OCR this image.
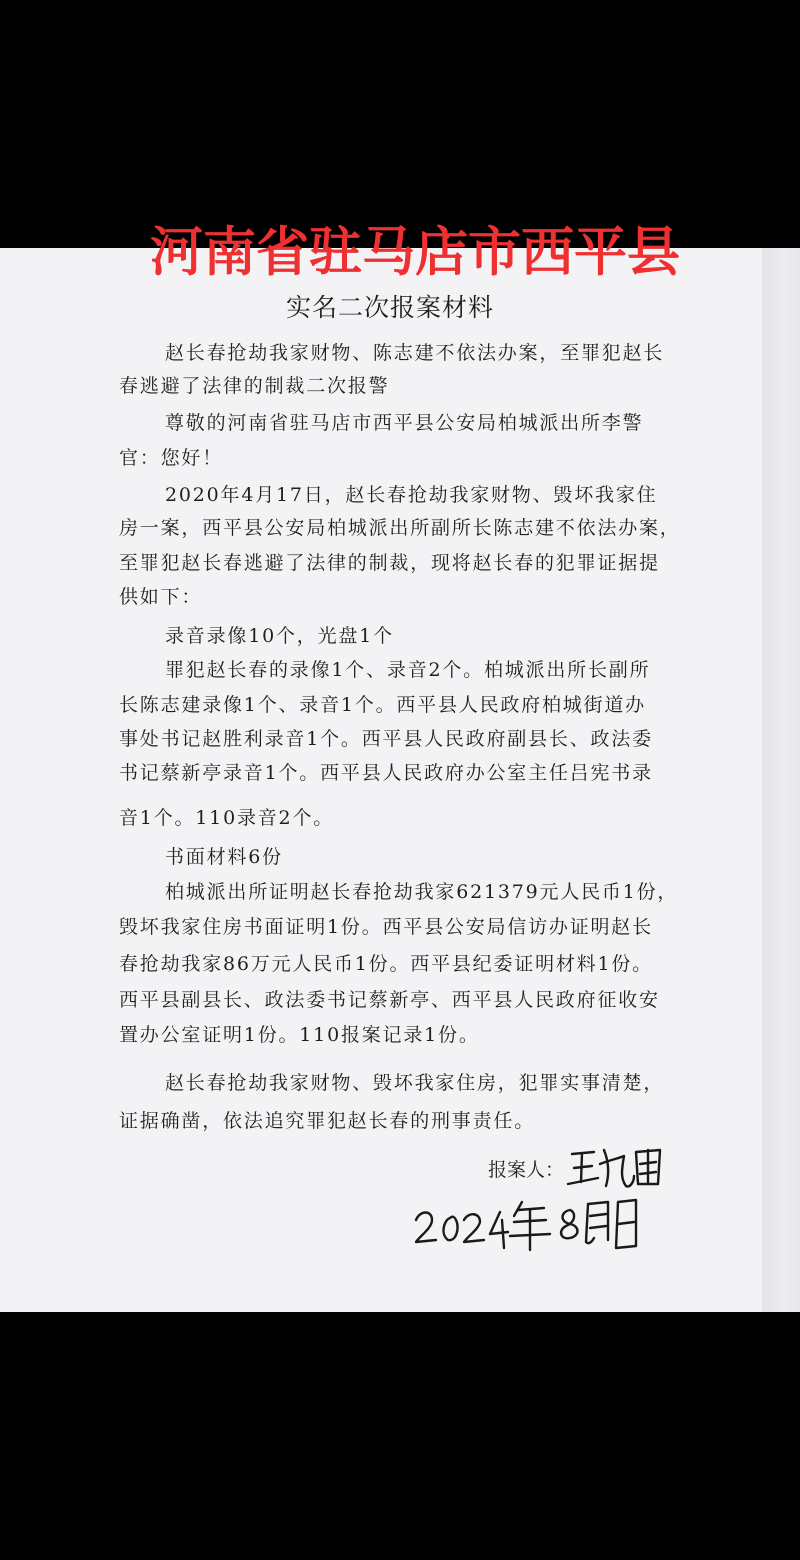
实名二次报案材料
赵长春抢劫我家财物、陈志建不依法办案，至罪犯赵长
春逃避了法律的制裁二次报警
尊敬的河南省驻马店市西平县公安局柏城派出所李警
官：您好！
2020年4月17日，赵长春抢劫我家财物、毁坏我家住
房一案，西平县公安局柏城派出所副所长陈志建不依法办案，
至罪犯赵长春逃避了法律的制裁，现将赵长春的犯罪证据提
供如下：
录音录像10个，光盘1个
罪犯赵长春的录像1个、录音2个。柏城派出所长副所
长陈志建录像1个、录音1个。西平县人民政府柏城街道办
事处书记赵胜利录音1个。西平县人民政府副县长、政法委
书记蔡新亭录音1个。西平县人民政府办公室主任吕宪书录
音1个。110录音2个。
书面材料6份
柏城派出所证明赵长春抢劫我家621379元人民币1份，
毁坏我家住房书面证明1份。西平县公安局信访办证明赵长
春抢劫我家86万元人民币1份。西平县纪委证明材料1份。
西平县副县长、政法委书记蔡新亭、西平县人民政府征收安
置办公室证明1份。110报案记录1份。
赵长春抢劫我家财物、毁坏我家住房，犯罪实事清楚，
证据确凿，依法追究罪犯赵长春的刑事责任。
报案人：
河南省驻马店市西平县
